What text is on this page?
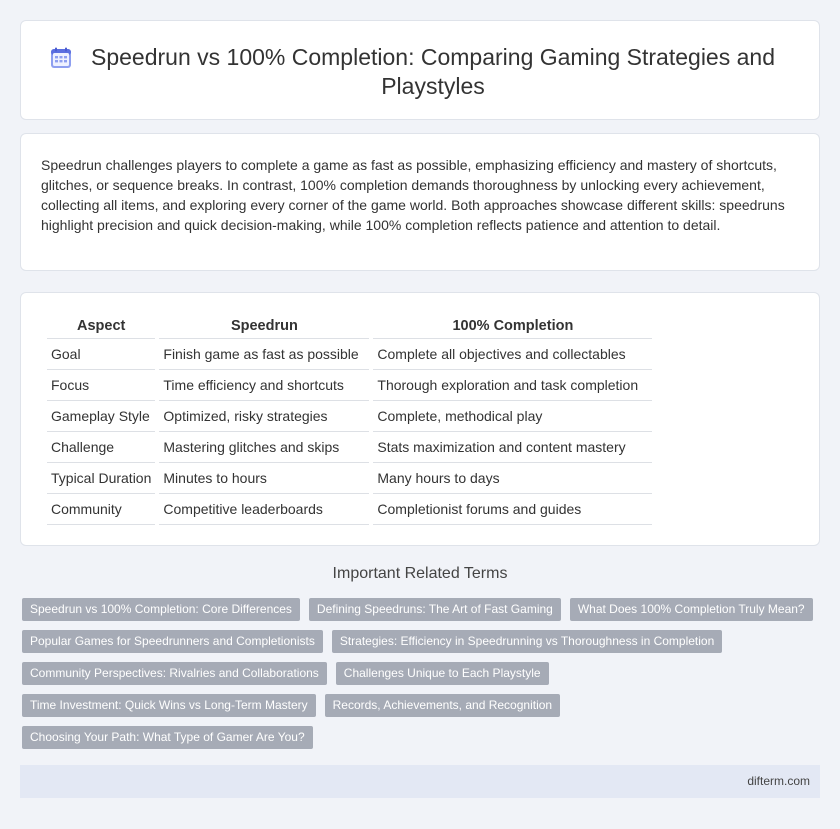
Speedrun vs 100% Completion: Comparing Gaming Strategies and Playstyles

Speedrun challenges players to complete a game as fast as possible, emphasizing efficiency and mastery of shortcuts, glitches, or sequence breaks. In contrast, 100% completion demands thoroughness by unlocking every achievement, collecting all items, and exploring every corner of the game world. Both approaches showcase different skills: speedruns highlight precision and quick decision-making, while 100% completion reflects patience and attention to detail.

Aspect	Speedrun	100% Completion
Goal	Finish game as fast as possible	Complete all objectives and collectables
Focus	Time efficiency and shortcuts	Thorough exploration and task completion
Gameplay Style	Optimized, risky strategies	Complete, methodical play
Challenge	Mastering glitches and skips	Stats maximization and content mastery
Typical Duration	Minutes to hours	Many hours to days
Community	Competitive leaderboards	Completionist forums and guides
Important Related Terms
Speedrun vs 100% Completion: Core Differences	Defining Speedruns: The Art of Fast Gaming	What Does 100% Completion Truly Mean?
Popular Games for Speedrunners and Completionists	Strategies: Efficiency in Speedrunning vs Thoroughness in Completion
Community Perspectives: Rivalries and Collaborations	Challenges Unique to Each Playstyle
Time Investment: Quick Wins vs Long-Term Mastery	Records, Achievements, and Recognition
Choosing Your Path: What Type of Gamer Are You?
difterm.com
